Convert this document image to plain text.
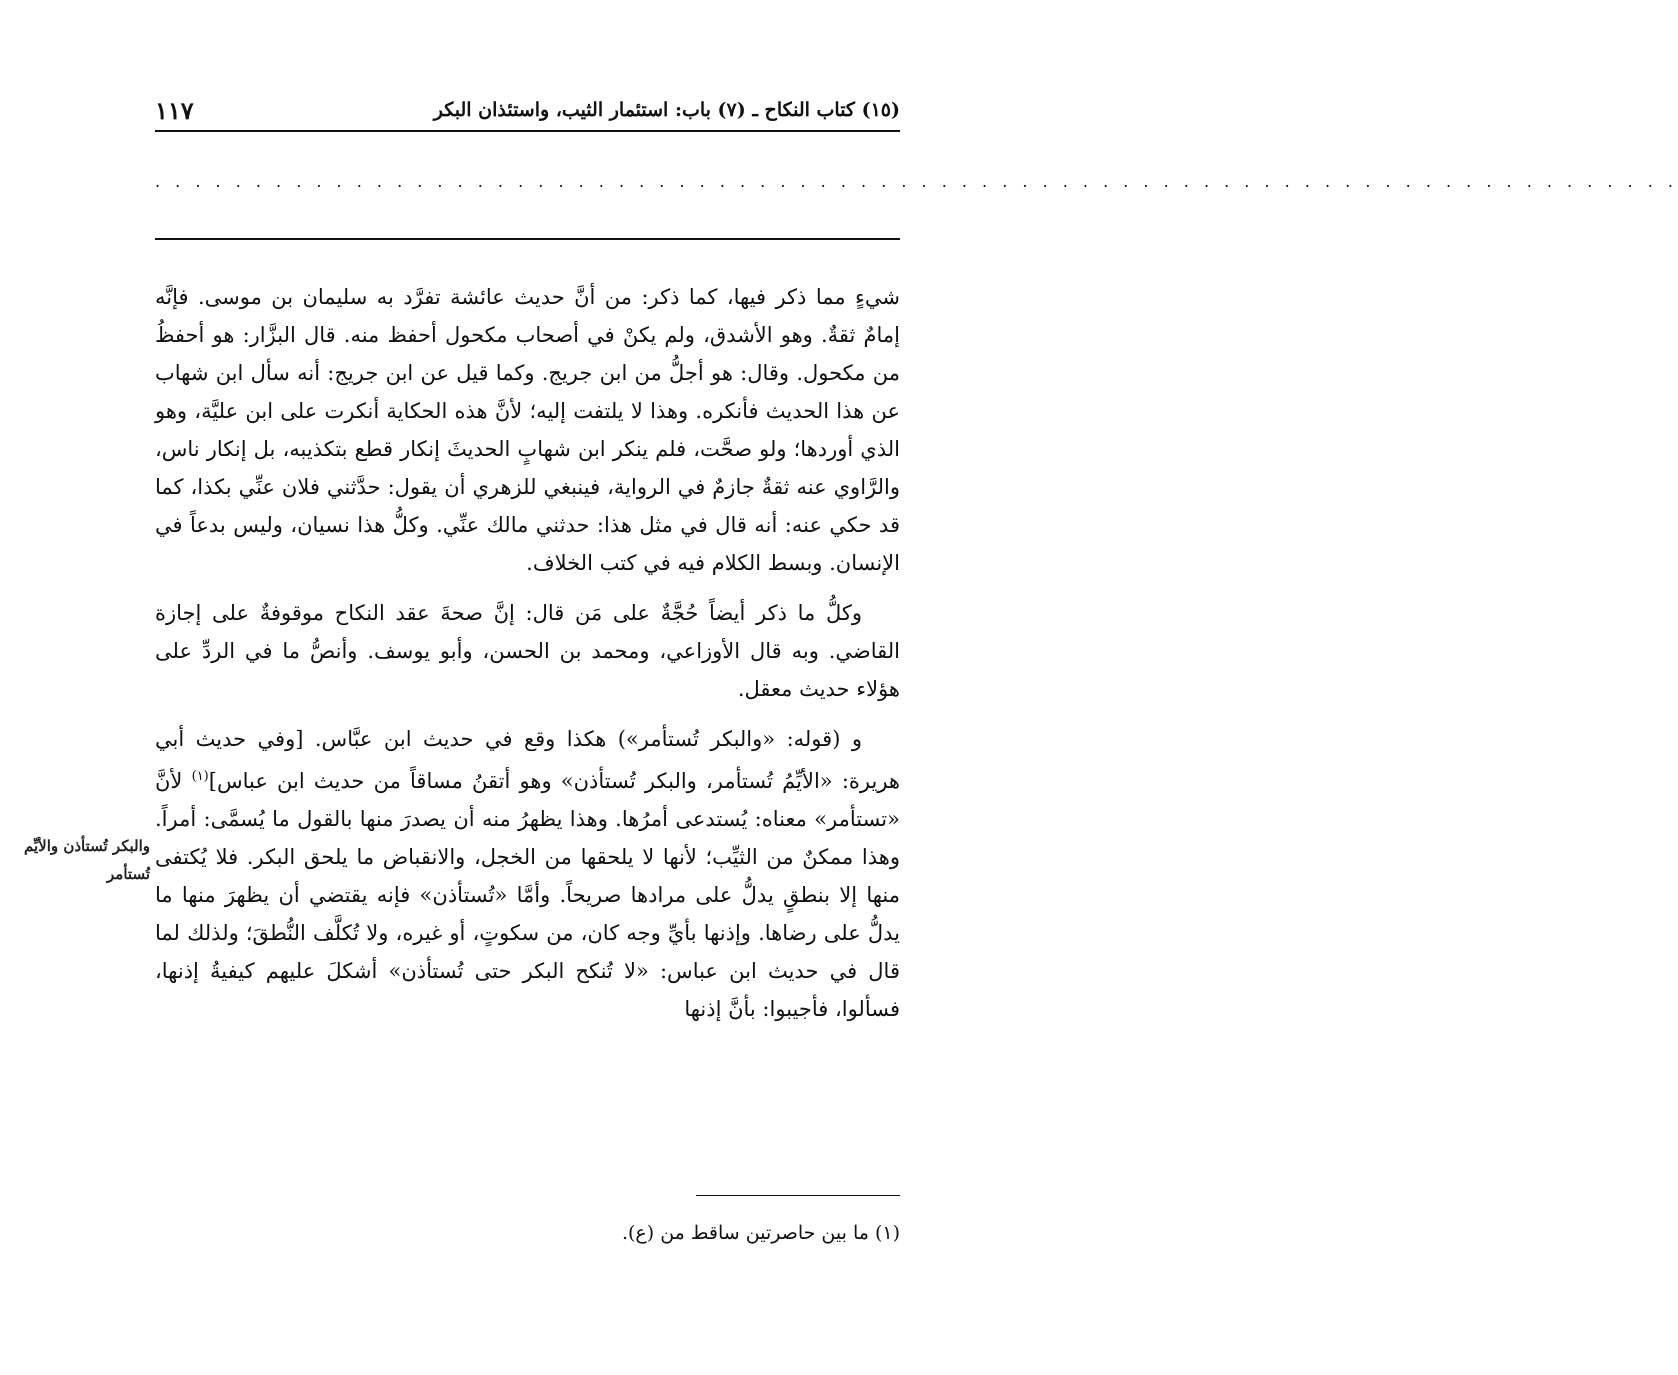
(١٥) كتاب النكاح ـ (٧) باب: استئمار الثيب، واستئذان البكر
١١٧
. . . . . . . . . . . . . . . . . . . . . . . . . . . . . . . . . . . . . . . . . . . . . . . . . . . . . . . . . . . . . . . . . . . . . . . . . . . .

شيءٍ مما ذكر فيها، كما ذكر: من أنَّ حديث عائشة تفرَّد به سليمان بن موسى. فإنَّه إمامٌ ثقةٌ. وهو الأشدق، ولم يكنْ في أصحاب مكحول أحفظ منه. قال البزَّار: هو أحفظُ من مكحول. وقال: هو أجلُّ من ابن جريج. وكما قيل عن ابن جريج: أنه سأل ابن شهاب عن هذا الحديث فأنكره. وهذا لا يلتفت إليه؛ لأنَّ هذه الحكاية أنكرت على ابن عليَّة، وهو الذي أوردها؛ ولو صحَّت، فلم ينكر ابن شهابٍ الحديثَ إنكار قطع بتكذيبه، بل إنكار ناس، والرَّاوي عنه ثقةٌ جازمٌ في الرواية، فينبغي للزهري أن يقول: حدَّثني فلان عنِّي بكذا، كما قد حكي عنه: أنه قال في مثل هذا: حدثني مالك عنِّي. وكلُّ هذا نسيان، وليس بدعاً في الإنسان. وبسط الكلام فيه في كتب الخلاف.

وكلُّ ما ذكر أيضاً حُجَّةٌ على مَن قال: إنَّ صحةَ عقد النكاح موقوفةٌ على إجازة القاضي. وبه قال الأوزاعي، ومحمد بن الحسن، وأبو يوسف. وأنصُّ ما في الردِّ على هؤلاء حديث معقل.

و (قوله: «والبكر تُستأمر») هكذا وقع في حديث ابن عبَّاس. [وفي حديث أبي هريرة: «الأيِّمُ تُستأمر، والبكر تُستأذن» وهو أتقنُ مساقاً من حديث ابن عباس]$^{(١)}$ لأنَّ «تستأمر» معناه: يُستدعى أمرُها. وهذا يظهرُ منه أن يصدرَ منها بالقول ما يُسمَّى: أمراً. وهذا ممكنٌ من الثيِّب؛ لأنها لا يلحقها من الخجل، والانقباض ما يلحق البكر. فلا يُكتفى منها إلا بنطقٍ يدلُّ على مرادها صريحاً. وأمَّا «تُستأذن» فإنه يقتضي أن يظهرَ منها ما يدلُّ على رضاها. وإذنها بأيِّ وجه كان، من سكوتٍ، أو غيره، ولا تُكلَّف النُّطقَ؛ ولذلك لما قال في حديث ابن عباس: «لا تُنكح البكر حتى تُستأذن» أشكلَ عليهم كيفيةُ إذنها، فسألوا، فأجيبوا: بأنَّ إذنها

والبكر تُستأذن والأيِّم تُستأمر
(١) ما بين حاصرتين ساقط من (ع).
